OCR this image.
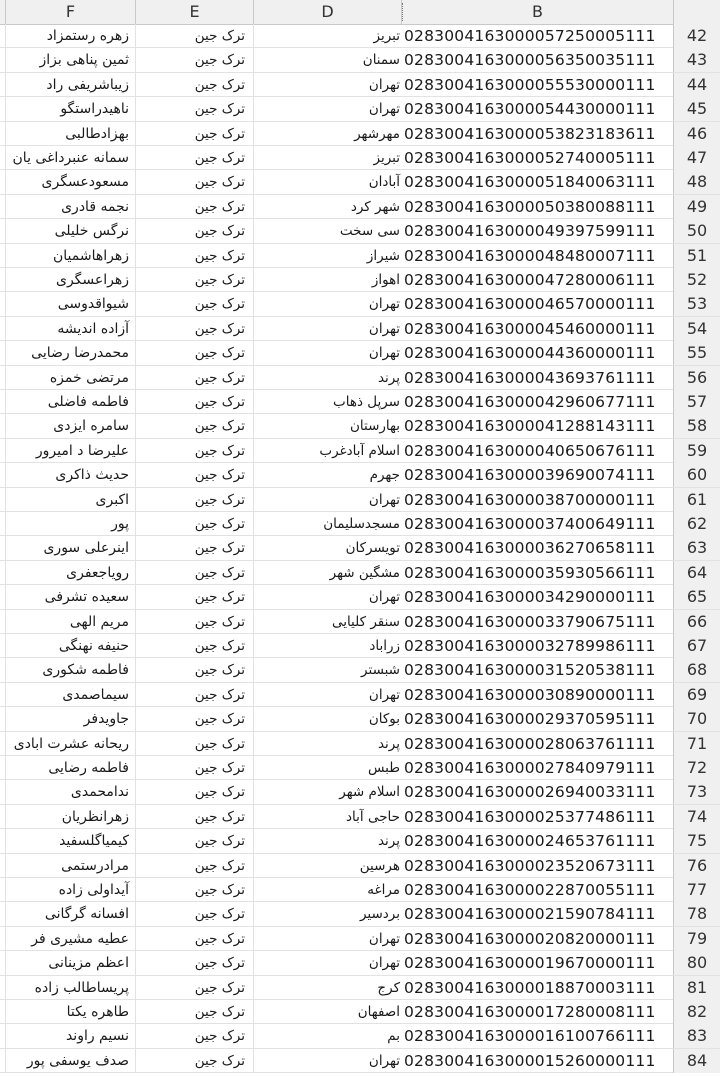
F	E	D	B
زهره رستمزاد	ترک جین	تبریز 0283004163000057250005111	42
ثمین پناهی بزاز	ترک جین	سمنان 0283004163000056350035111	43
زیباشریفی راد	ترک جین	تهران 0283004163000055530000111	44
ناهیدراستگو	ترک جین	تهران 0283004163000054430000111	45
بهزادطالبی	ترک جین	مهرشهر 0283004163000053823183611	46
سمانه عنبرداغی یان	ترک جین	تبریز 0283004163000052740005111	47
مسعودعسگری	ترک جین	آبادان 0283004163000051840063111	48
نجمه قادری	ترک جین	شهر کرد 0283004163000050380088111	49
نرگس خلیلی	ترک جین	سی سخت 0283004163000049397599111	50
زهراهاشمیان	ترک جین	شیراز 0283004163000048480007111	51
زهراعسگری	ترک جین	اهواز 0283004163000047280006111	52
شیواقدوسی	ترک جین	تهران 0283004163000046570000111	53
آزاده اندیشه	ترک جین	تهران 0283004163000045460000111	54
محمدرضا رضایی	ترک جین	تهران 0283004163000044360000111	55
مرتضی خمزه	ترک جین	پرند 0283004163000043693761111	56
فاطمه فاضلی	ترک جین	سرپل ذهاب 0283004163000042960677111	57
سامره ایزدی	ترک جین	بهارستان 0283004163000041288143111	58
علیرضا د امیرور	ترک جین	اسلام آبادغرب 0283004163000040650676111	59
حدیث ذاکری	ترک جین	جهرم 0283004163000039690074111	60
اکبری	ترک جین	تهران 0283004163000038700000111	61
پور	ترک جین	مسجدسلیمان 0283004163000037400649111	62
اینرعلی سوری	ترک جین	تویسرکان 0283004163000036270658111	63
رویاجعفری	ترک جین	مشگین شهر 0283004163000035930566111	64
سعیده تشرفی	ترک جین	تهران 0283004163000034290000111	65
مریم الهی	ترک جین	سنقر کلیایی 0283004163000033790675111	66
حنیفه نهنگی	ترک جین	زراباد 0283004163000032789986111	67
فاطمه شکوری	ترک جین	شبستر 0283004163000031520538111	68
سیماصمدی	ترک جین	تهران 0283004163000030890000111	69
جاویدفر	ترک جین	بوکان 0283004163000029370595111	70
ریحانه عشرت ابادی	ترک جین	پرند 0283004163000028063761111	71
فاطمه رضایی	ترک جین	طبس 0283004163000027840979111	72
ندامحمدی	ترک جین	اسلام شهر 0283004163000026940033111	73
زهرانظریان	ترک جین	حاجی آباد 0283004163000025377486111	74
کیمیاگلسفید	ترک جین	پرند 0283004163000024653761111	75
مرادرستمی	ترک جین	هرسین 0283004163000023520673111	76
آیداولی زاده	ترک جین	مراغه 0283004163000022870055111	77
افسانه گرگانی	ترک جین	بردسیر 0283004163000021590784111	78
عطیه مشیری فر	ترک جین	تهران 0283004163000020820000111	79
اعظم مزینانی	ترک جین	تهران 0283004163000019670000111	80
پریساطالب زاده	ترک جین	کرج 0283004163000018870003111	81
طاهره یکتا	ترک جین	اصفهان 0283004163000017280008111	82
نسیم راوند	ترک جین	بم 0283004163000016100766111	83
صدف یوسفی پور	ترک جین	تهران 0283004163000015260000111	84
